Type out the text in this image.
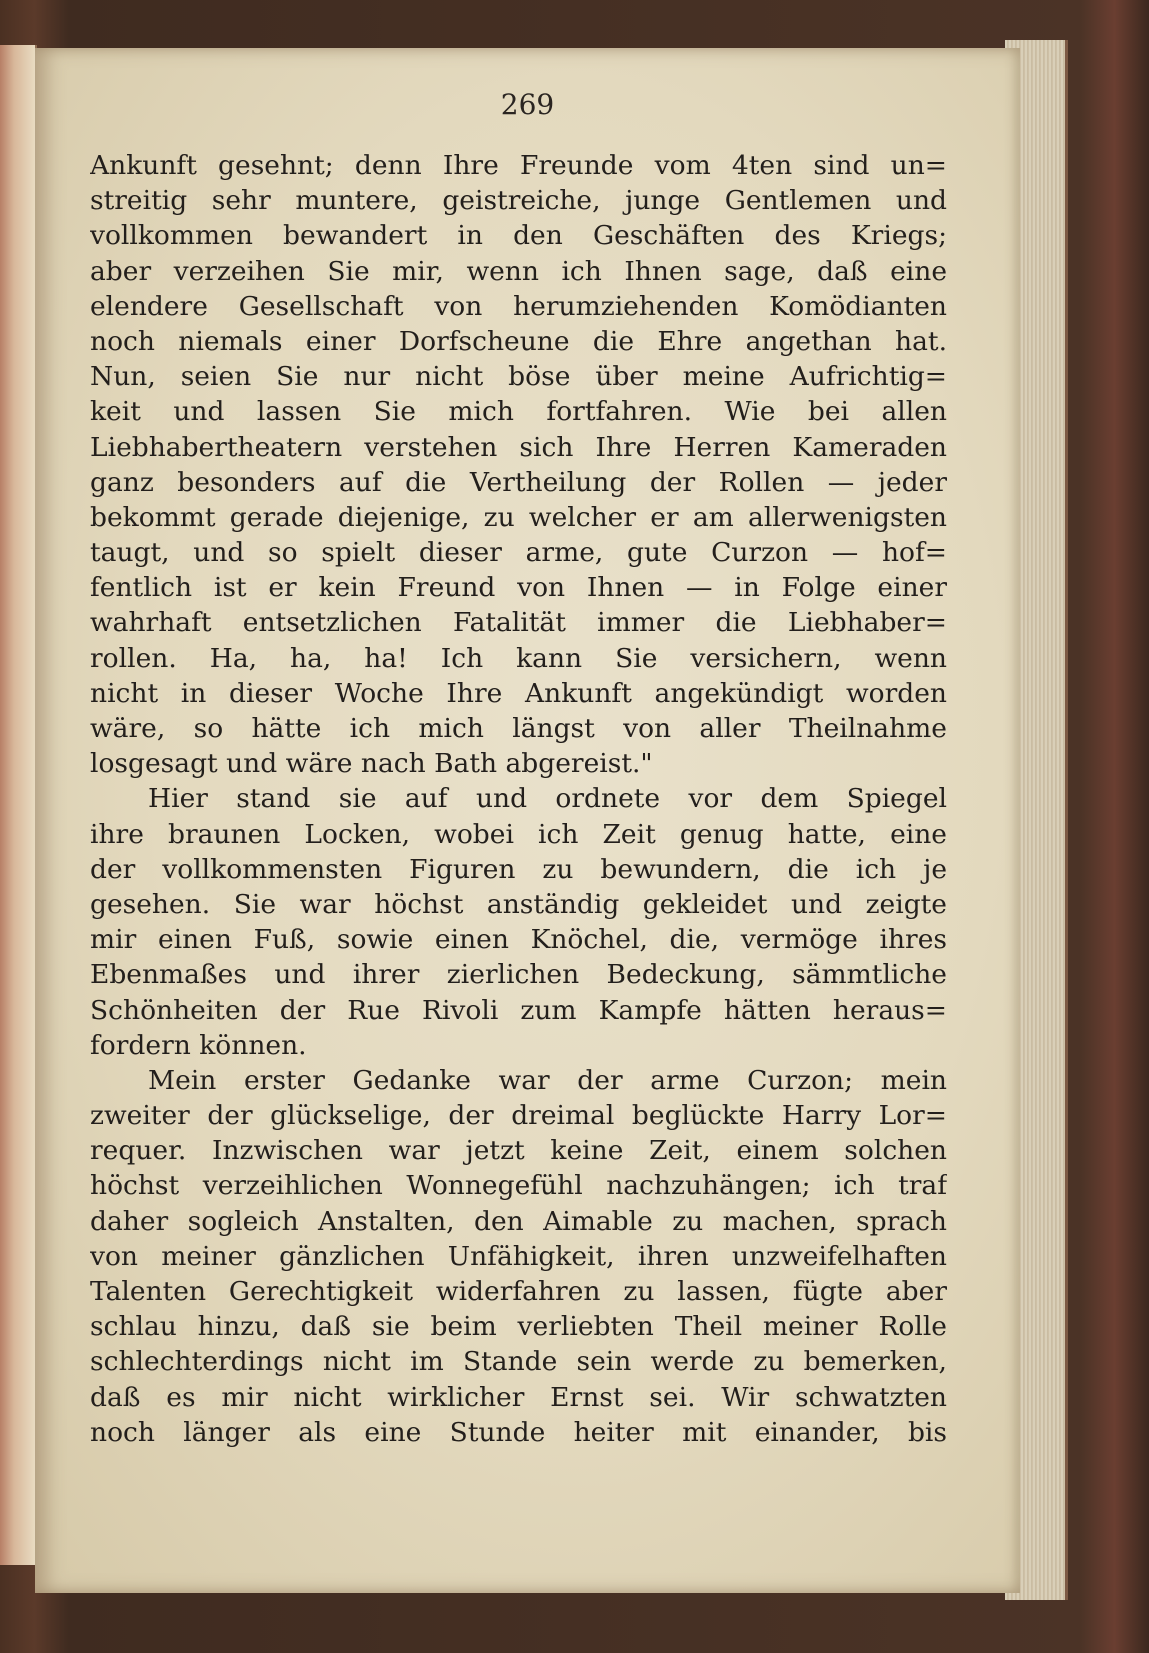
269
Ankunft gesehnt; denn Ihre Freunde vom 4ten sind un=
streitig sehr muntere, geistreiche, junge Gentlemen und
vollkommen bewandert in den Geschäften des Kriegs;
aber verzeihen Sie mir, wenn ich Ihnen sage, daß eine
elendere Gesellschaft von herumziehenden Komödianten
noch niemals einer Dorfscheune die Ehre angethan hat.
Nun, seien Sie nur nicht böse über meine Aufrichtig=
keit und lassen Sie mich fortfahren. Wie bei allen
Liebhabertheatern verstehen sich Ihre Herren Kameraden
ganz besonders auf die Vertheilung der Rollen — jeder
bekommt gerade diejenige, zu welcher er am allerwenigsten
taugt, und so spielt dieser arme, gute Curzon — hof=
fentlich ist er kein Freund von Ihnen — in Folge einer
wahrhaft entsetzlichen Fatalität immer die Liebhaber=
rollen. Ha, ha, ha! Ich kann Sie versichern, wenn
nicht in dieser Woche Ihre Ankunft angekündigt worden
wäre, so hätte ich mich längst von aller Theilnahme
losgesagt und wäre nach Bath abgereist."
Hier stand sie auf und ordnete vor dem Spiegel
ihre braunen Locken, wobei ich Zeit genug hatte, eine
der vollkommensten Figuren zu bewundern, die ich je
gesehen. Sie war höchst anständig gekleidet und zeigte
mir einen Fuß, sowie einen Knöchel, die, vermöge ihres
Ebenmaßes und ihrer zierlichen Bedeckung, sämmtliche
Schönheiten der Rue Rivoli zum Kampfe hätten heraus=
fordern können.
Mein erster Gedanke war der arme Curzon; mein
zweiter der glückselige, der dreimal beglückte Harry Lor=
requer. Inzwischen war jetzt keine Zeit, einem solchen
höchst verzeihlichen Wonnegefühl nachzuhängen; ich traf
daher sogleich Anstalten, den Aimable zu machen, sprach
von meiner gänzlichen Unfähigkeit, ihren unzweifelhaften
Talenten Gerechtigkeit widerfahren zu lassen, fügte aber
schlau hinzu, daß sie beim verliebten Theil meiner Rolle
schlechterdings nicht im Stande sein werde zu bemerken,
daß es mir nicht wirklicher Ernst sei. Wir schwatzten
noch länger als eine Stunde heiter mit einander, bis
